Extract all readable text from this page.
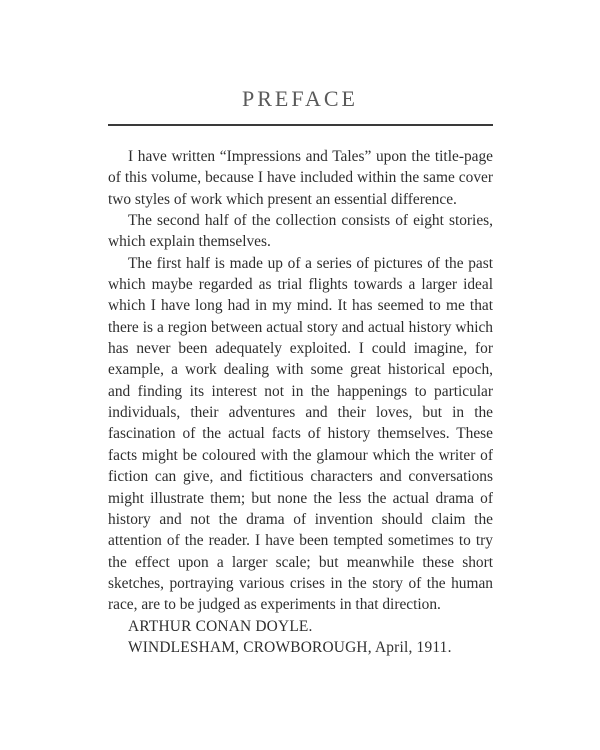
PREFACE

I have written “Impressions and Tales” upon the title-page of this volume, because I have included within the same cover two styles of work which present an essential difference.

The second half of the collection consists of eight stories, which explain themselves.

The first half is made up of a series of pictures of the past which maybe regarded as trial flights towards a larger ideal which I have long had in my mind. It has seemed to me that there is a region between actual story and actual history which has never been adequately exploited. I could imagine, for example, a work dealing with some great historical epoch, and finding its interest not in the happenings to particular individuals, their adventures and their loves, but in the fascination of the actual facts of history themselves. These facts might be coloured with the glamour which the writer of fiction can give, and fictitious characters and conversations might illustrate them; but none the less the actual drama of history and not the drama of invention should claim the attention of the reader. I have been tempted sometimes to try the effect upon a larger scale; but meanwhile these short sketches, portraying various crises in the story of the human race, are to be judged as experiments in that direction.

ARTHUR CONAN DOYLE.

WINDLESHAM, CROWBOROUGH, April, 1911.
